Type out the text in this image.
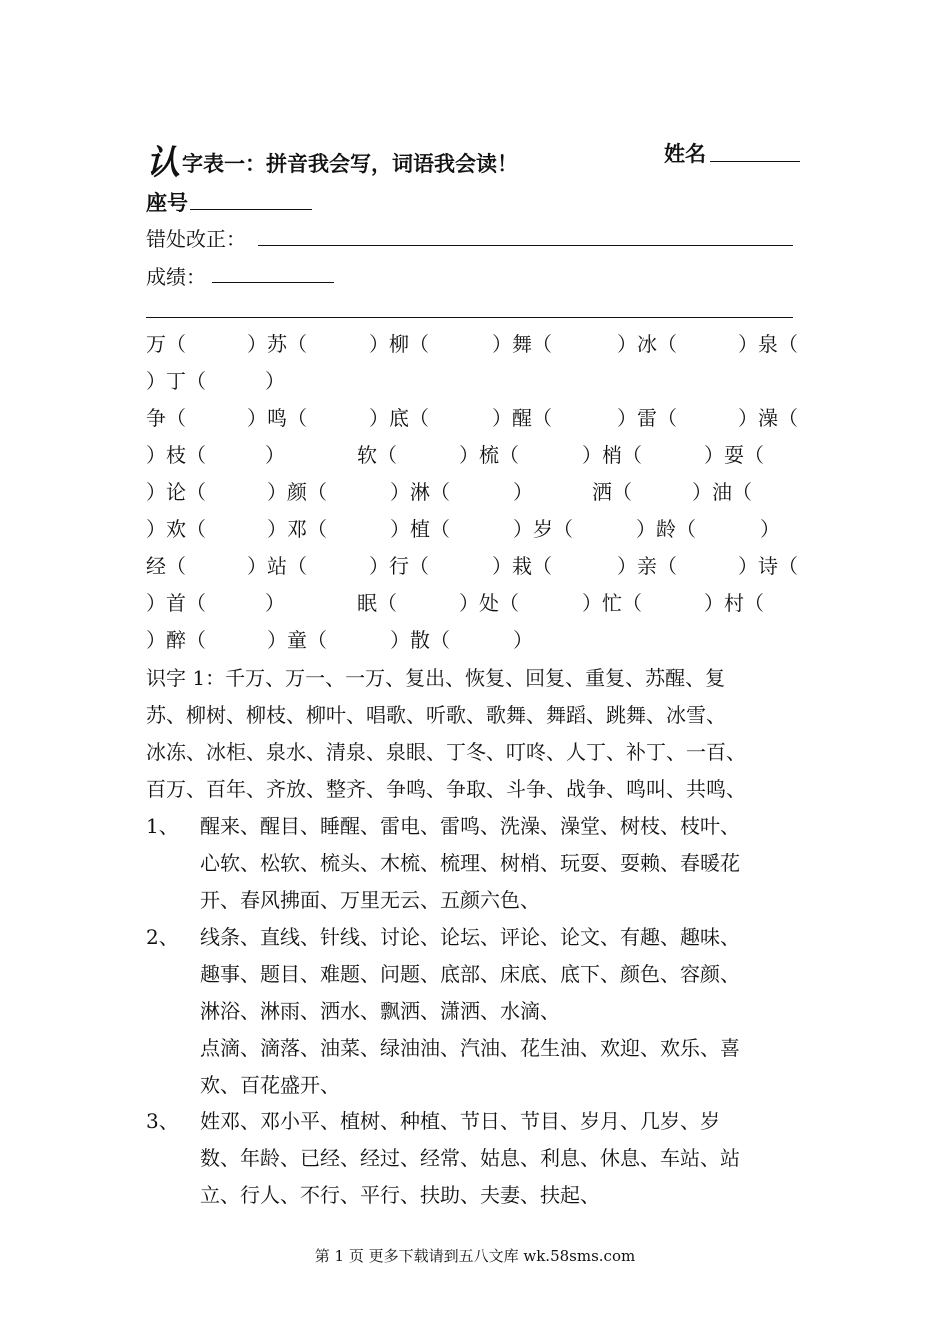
认字表一：拼音我会写，词语我会读！	姓名
座号
错处改正：
成绩：
万（	）苏（	）柳（	）舞（	）冰（	）泉（
）丁（	）
争（	）鸣（	）底（	）醒（	）雷（	）澡（
）枝（	）	软（	）梳（	）梢（	）耍（
）论（	）颜（	）淋（	）	洒（	）油（
）欢（	）邓（	）植（	）岁（	）龄（	）
经（	）站（	）行（	）栽（	）亲（	）诗（
）首（	）	眠（	）处（	）忙（	）村（
）醉（	）童（	）散（	）
识字 1：千万、万一、一万、复出、恢复、回复、重复、苏醒、复
苏、柳树、柳枝、柳叶、唱歌、听歌、歌舞、舞蹈、跳舞、冰雪、
冰冻、冰柜、泉水、清泉、泉眼、丁冬、叮咚、人丁、补丁、一百、
百万、百年、齐放、整齐、争鸣、争取、斗争、战争、鸣叫、共鸣、
1、 醒来、醒目、睡醒、雷电、雷鸣、洗澡、澡堂、树枝、枝叶、
心软、松软、梳头、木梳、梳理、树梢、玩耍、耍赖、春暖花
开、春风拂面、万里无云、五颜六色、
2、 线条、直线、针线、讨论、论坛、评论、论文、有趣、趣味、
趣事、题目、难题、问题、底部、床底、底下、颜色、容颜、
淋浴、淋雨、洒水、飘洒、潇洒、水滴、
点滴、滴落、油菜、绿油油、汽油、花生油、欢迎、欢乐、喜
欢、百花盛开、
3、 姓邓、邓小平、植树、种植、节日、节目、岁月、几岁、岁
数、年龄、已经、经过、经常、姑息、利息、休息、车站、站
立、行人、不行、平行、扶助、夫妻、扶起、
第 1 页 更多下载请到五八文库 wk.58sms.com
